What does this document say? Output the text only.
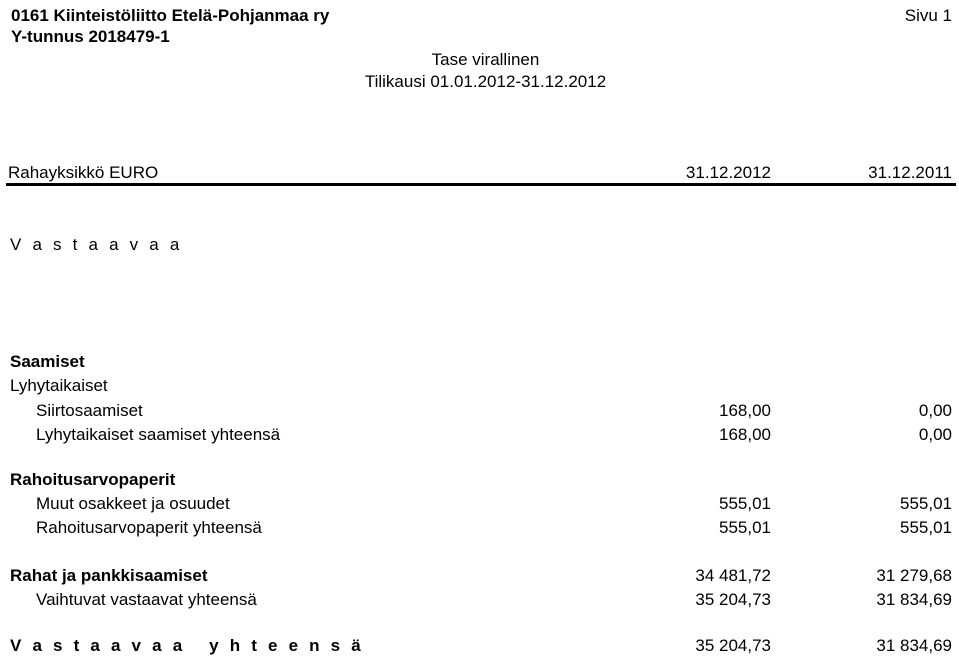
0161 Kiinteistöliitto Etelä-Pohjanmaa ry
Y-tunnus 2018479-1
Sivu 1
Tase virallinen
Tilikausi 01.01.2012-31.12.2012
Rahayksikkö EURO	31.12.2012	31.12.2011
V a s t a a v a a
Saamiset
Lyhytaikaiset
Siirtosaamiset	168,00	0,00
Lyhytaikaiset saamiset yhteensä	168,00	0,00
Rahoitusarvopaperit
Muut osakkeet ja osuudet	555,01	555,01
Rahoitusarvopaperit yhteensä	555,01	555,01
Rahat ja pankkisaamiset	34 481,72	31 279,68
Vaihtuvat vastaavat yhteensä	35 204,73	31 834,69
V a s t a a v a a   y h t e e n s ä	35 204,73	31 834,69
